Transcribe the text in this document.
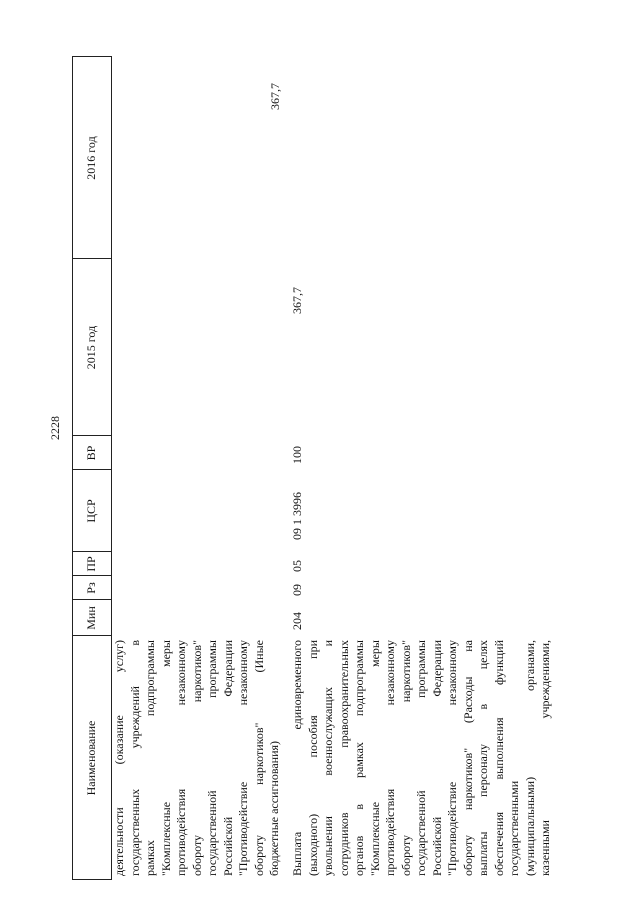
2228
Наименование
Мин
Рз
ПР
ЦСР
ВР
2015 год
2016 год
деятельности (оказание услуг) государственных учреждений в рамках подпрограммы "Комплексные меры противодействия незаконному обороту наркотиков" государственной программы Российской Федерации "Противодействие незаконному обороту наркотиков" (Иные бюджетные ассигнования)
367,7
Выплата единовременного (выходного) пособия при увольнении военнослужащих и сотрудников правоохранительных органов в рамках подпрограммы "Комплексные меры противодействия незаконному обороту наркотиков" государственной программы Российской Федерации "Противодействие незаконному обороту наркотиков" (Расходы на выплаты персоналу в целях обеспечения выполнения функций государственными (муниципальными) органами, казенными учреждениями,
204
09
05
09 1 3996
100
367,7
